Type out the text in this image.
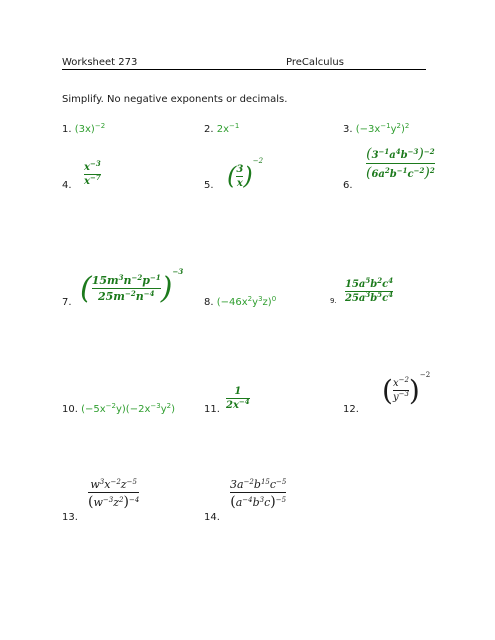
Worksheet 273	PreCalculus
Simplify. No negative exponents or decimals.
1. $(3x)^{-2}$	2. $2x^{-1}$	3. $(-3x^{-1}y^2)^2$
4. $\frac{x^{-3}}{x^{-7}}$	5. ( $\frac{3}{x} )^{-2}$
6.
$\frac{(3^{-1}a^4b^{-3})^{-2}}{(6a^2b^{-1}c^{-2})^2}$
7. ( $\frac{15m^3n^{-2}p^{-1}}{25m^{-2}n^{-4}} )^{-3}$
8. $(-46x^2y^3z)^0$	9. $\frac{15a^5b^2c^4}{25a^3b^5c^4}$
10. $(-5x^{-2}y)(-2x^{-3}y^2)$	11. $\frac{1}{2x^{-4}}$	12.
( $\frac{x^{-2}}{y^{-3}} )^{-2}$
13.
$\frac{w^3x^{-2}z^{-5}}{(w^{-3}z^2)^{-4}}$
14.
$\frac{3a^{-2}b^{15}c^{-5}}{(a^{-4}b^3c)^{-5}}$
